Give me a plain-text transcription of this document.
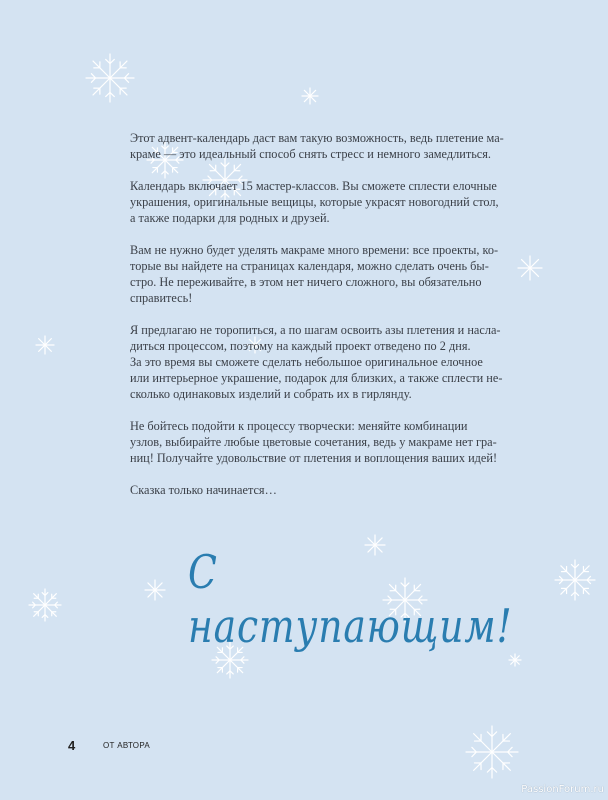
Этот адвент-календарь даст вам такую возможность, ведь плетение ма-
краме — это идеальный способ снять стресс и немного замедлиться.
Календарь включает 15 мастер-классов. Вы сможете сплести елочные
украшения, оригинальные вещицы, которые украсят новогодний стол,
а также подарки для родных и друзей.
Вам не нужно будет уделять макраме много времени: все проекты, ко-
торые вы найдете на страницах календаря, можно сделать очень бы-
стро. Не переживайте, в этом нет ничего сложного, вы обязательно
справитесь!
Я предлагаю не торопиться, а по шагам освоить азы плетения и насла-
диться процессом, поэтому на каждый проект отведено по 2 дня.
За это время вы сможете сделать небольшое оригинальное елочное
или интерьерное украшение, подарок для близких, а также сплести не-
сколько одинаковых изделий и собрать их в гирлянду.
Не бойтесь подойти к процессу творчески: меняйте комбинации
узлов, выбирайте любые цветовые сочетания, ведь у макраме нет гра-
ниц! Получайте удовольствие от плетения и воплощения ваших идей!
Сказка только начинается…
С наступающим!
4	ОТ АВТОРА
PassionForum.ru
